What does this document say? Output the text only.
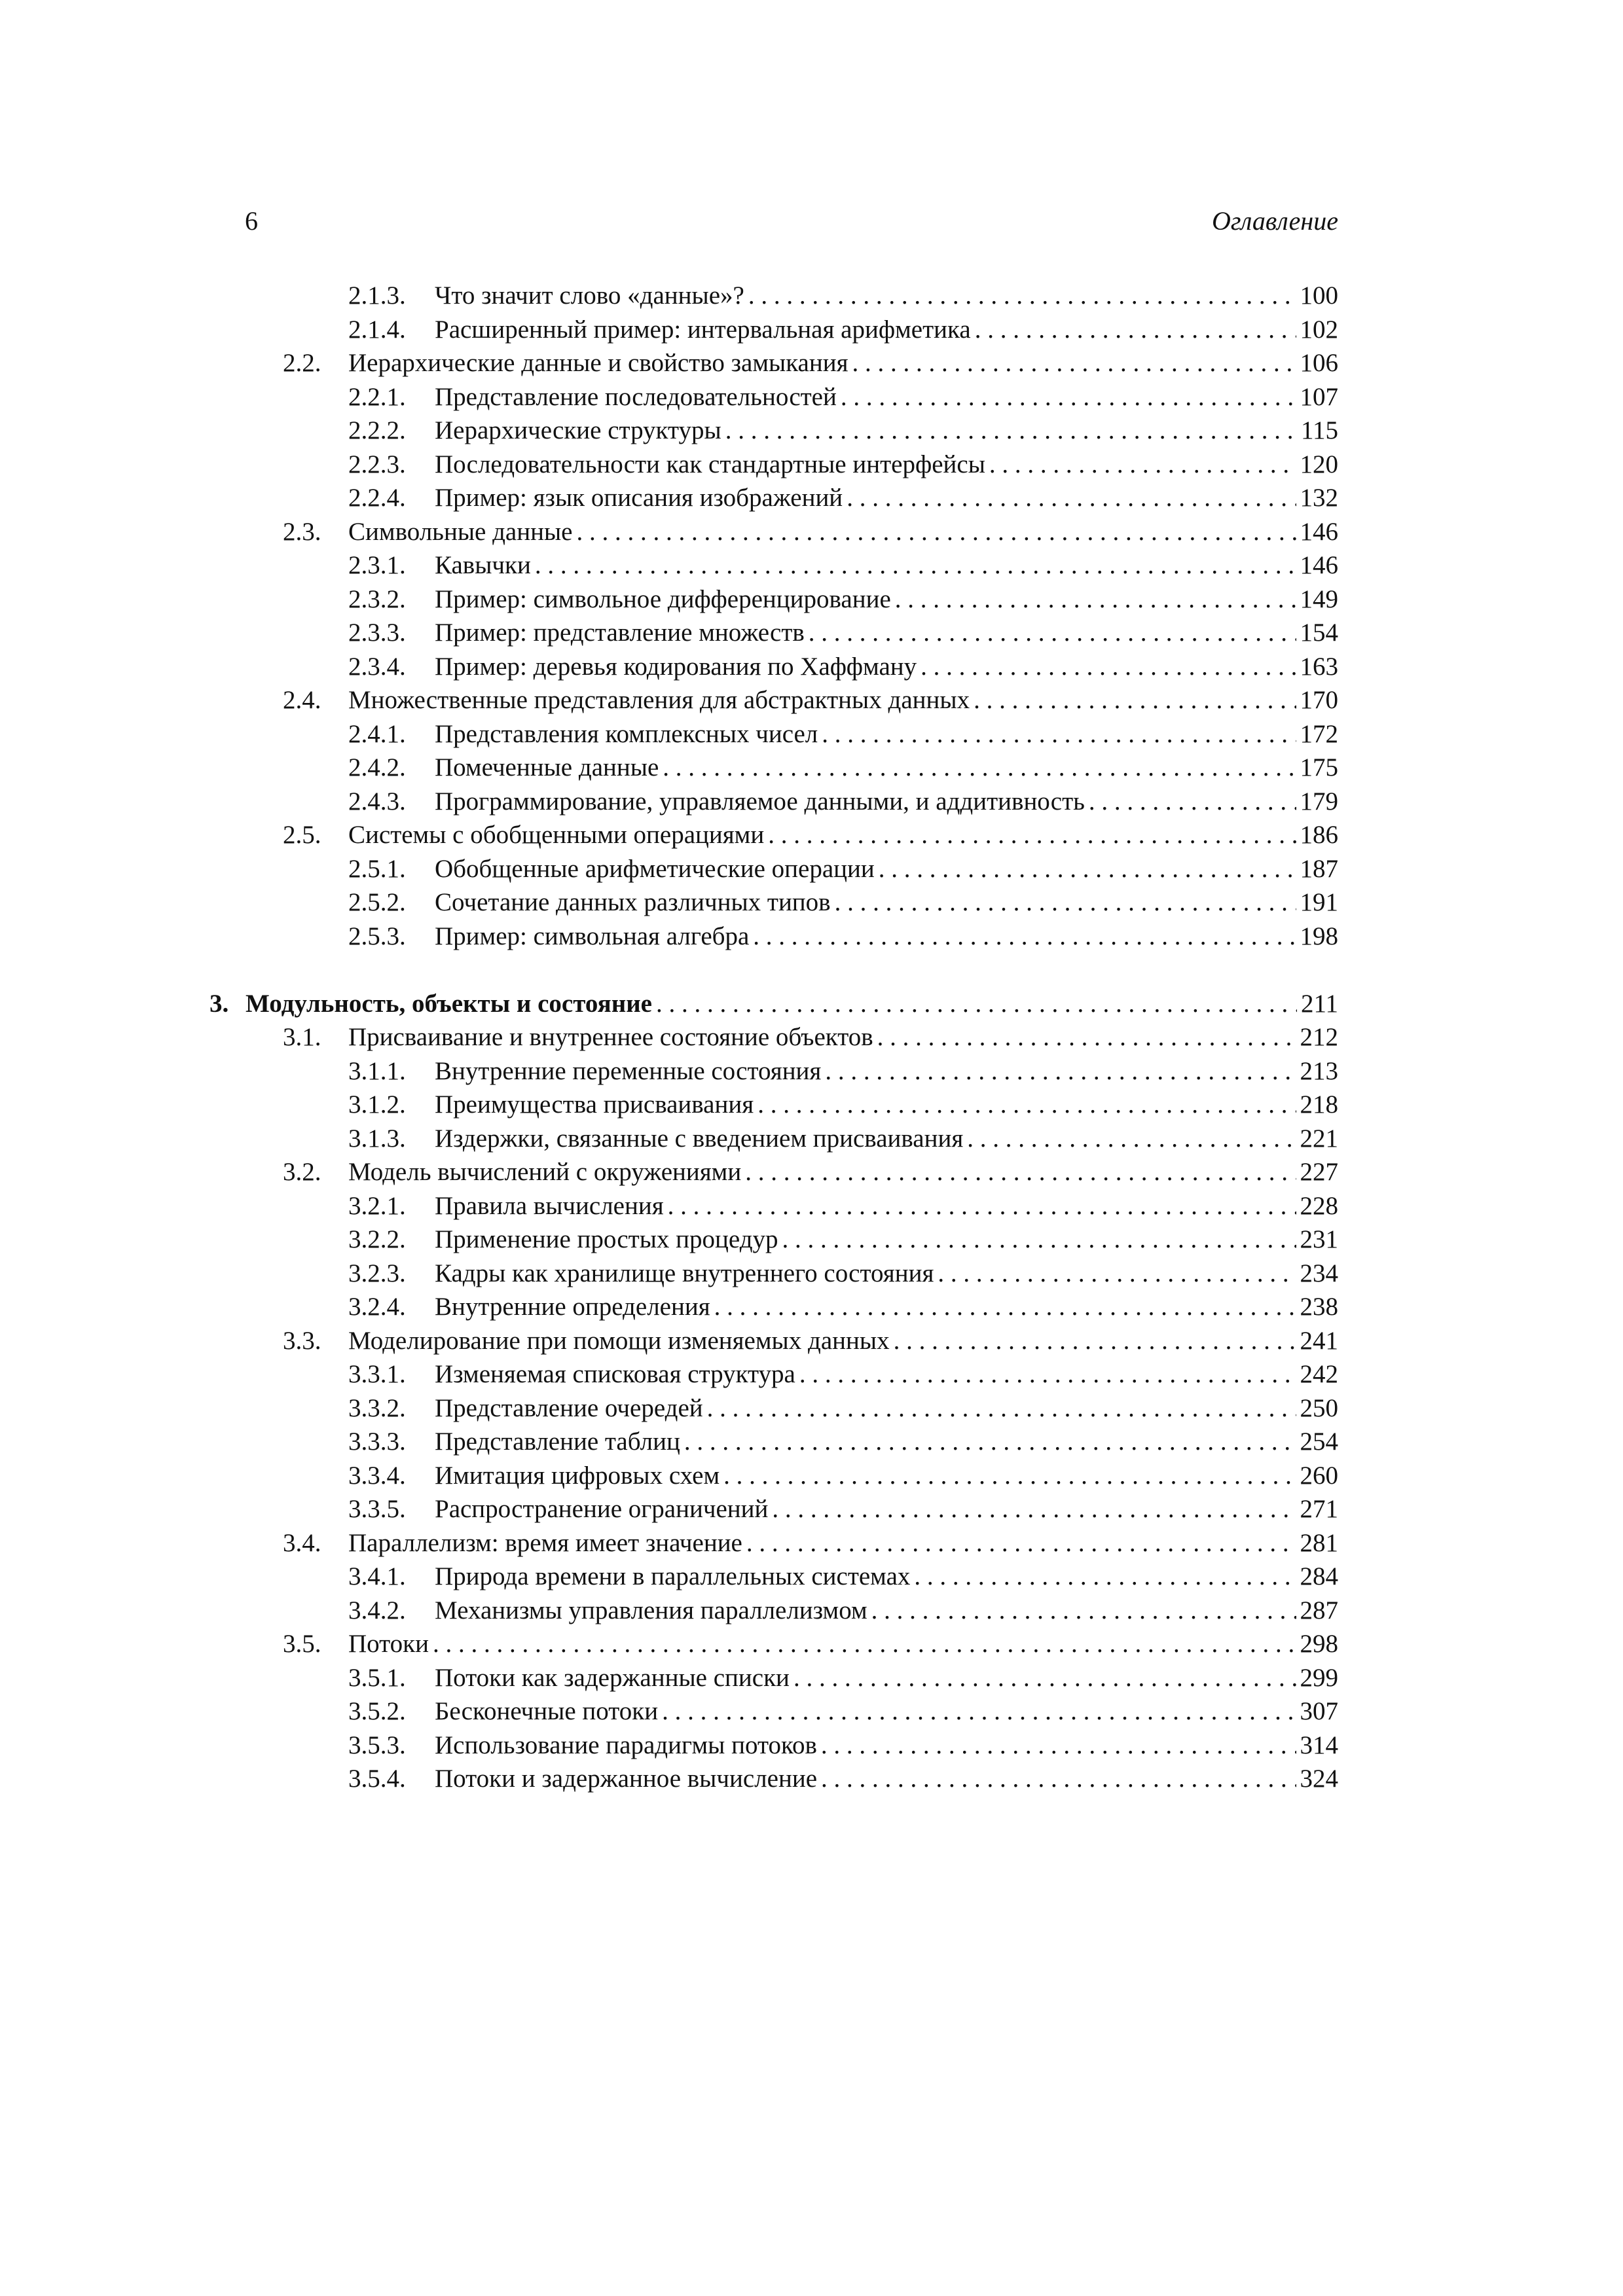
6	Оглавление
2.1.3. Что значит слово «данные»? . . .	100
2.1.4. Расширенный пример: интервальная арифметика . . .	102
2.2. Иерархические данные и свойство замыкания . . .	106
2.2.1. Представление последовательностей . . .	107
2.2.2. Иерархические структуры . . .	115
2.2.3. Последовательности как стандартные интерфейсы . . .	120
2.2.4. Пример: язык описания изображений . . .	132
2.3. Символьные данные . . .	146
2.3.1. Кавычки . . .	146
2.3.2. Пример: символьное дифференцирование . . .	149
2.3.3. Пример: представление множеств . . .	154
2.3.4. Пример: деревья кодирования по Хаффману . . .	163
2.4. Множественные представления для абстрактных данных . . .	170
2.4.1. Представления комплексных чисел . . .	172
2.4.2. Помеченные данные . . .	175
2.4.3. Программирование, управляемое данными, и аддитивность . . .	179
2.5. Системы с обобщенными операциями . . .	186
2.5.1. Обобщенные арифметические операции . . .	187
2.5.2. Сочетание данных различных типов . . .	191
2.5.3. Пример: символьная алгебра . . .	198
3. Модульность, объекты и состояние . . .	211
3.1. Присваивание и внутреннее состояние объектов . . .	212
3.1.1. Внутренние переменные состояния . . .	213
3.1.2. Преимущества присваивания . . .	218
3.1.3. Издержки, связанные с введением присваивания . . .	221
3.2. Модель вычислений с окружениями . . .	227
3.2.1. Правила вычисления . . .	228
3.2.2. Применение простых процедур . . .	231
3.2.3. Кадры как хранилище внутреннего состояния . . .	234
3.2.4. Внутренние определения . . .	238
3.3. Моделирование при помощи изменяемых данных . . .	241
3.3.1. Изменяемая списковая структура . . .	242
3.3.2. Представление очередей . . .	250
3.3.3. Представление таблиц . . .	254
3.3.4. Имитация цифровых схем . . .	260
3.3.5. Распространение ограничений . . .	271
3.4. Параллелизм: время имеет значение . . .	281
3.4.1. Природа времени в параллельных системах . . .	284
3.4.2. Механизмы управления параллелизмом . . .	287
3.5. Потоки . . .	298
3.5.1. Потоки как задержанные списки . . .	299
3.5.2. Бесконечные потоки . . .	307
3.5.3. Использование парадигмы потоков . . .	314
3.5.4. Потоки и задержанное вычисление . . .	324
